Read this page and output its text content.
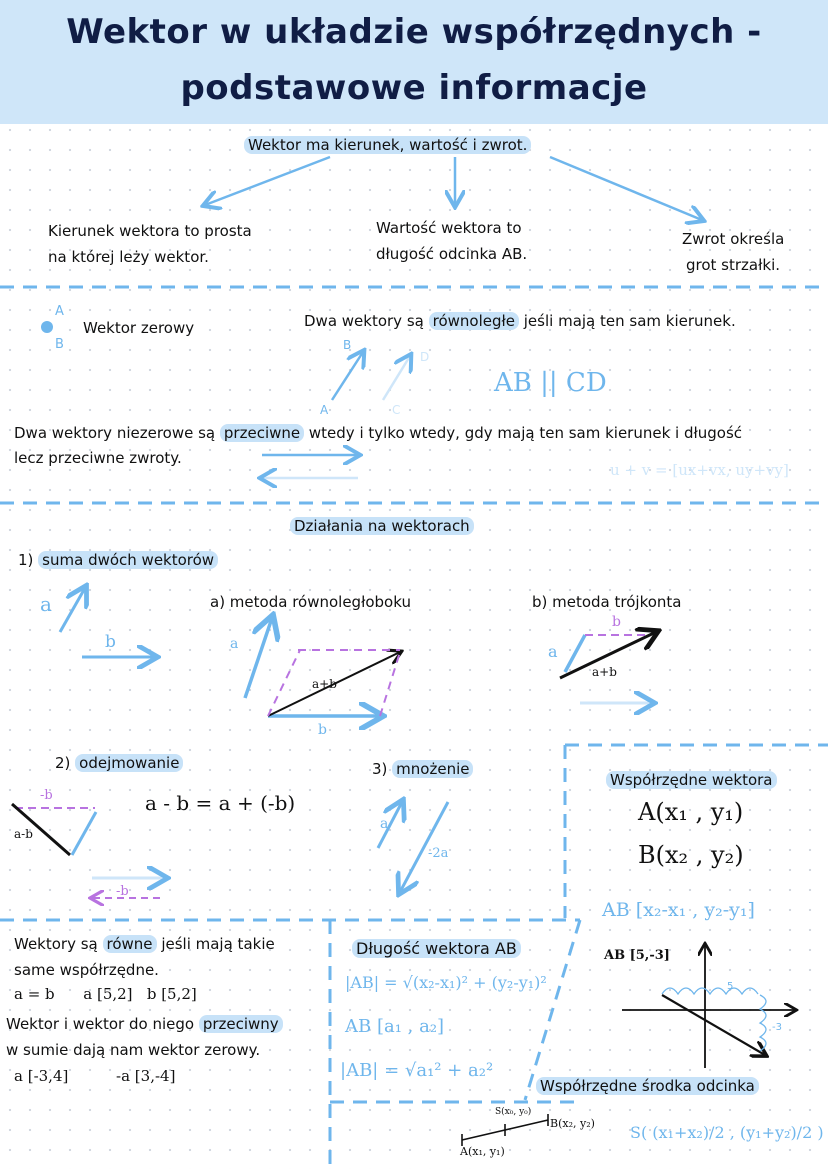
Wektor w układzie współrzędnych -
podstawowe informacje
Wektor ma kierunek, wartość i zwrot.
Kierunek wektora to prosta
na której leży wektor.
Wartość wektora to
długość odcinka AB.
Zwrot określa
grot strzałki.
A
B
Wektor zerowy	Dwa wektory są równoległe jeśli mają ten sam kierunek.
A
B
C
D
AB || CD
Dwa wektory niezerowe są przeciwne wtedy i tylko wtedy, gdy mają ten sam kierunek i długość
lecz przeciwne zwroty.
u + v = [ux+vx, uy+vy]
Działania na wektorach
1) suma dwóch wektorów
a
b
a) metoda równoległoboku
a
b
a+b
b) metoda trójkonta
a
b
a+b
2) odejmowanie
a - b = a + (-b)
-b
a-b
-b
3) mnożenie
a
-2a
Współrzędne wektora
A(x₁ , y₁)
B(x₂ , y₂)
AB [x₂-x₁ , y₂-y₁]
AB [5,-3]
5
-3
Wektory są równe jeśli mają takie
same współrzędne.
a = b      a [5,2]   b [5,2]
Wektor i wektor do niego przeciwny
w sumie dają nam wektor zerowy.
a [-3,4]          -a [3,-4]
Długość wektora AB
|AB| = √(x₂-x₁)² + (y₂-y₁)²
AB [a₁ , a₂]
|AB| = √a₁² + a₂²
Współrzędne środka odcinka
A(x₁, y₁)
B(x₂, y₂)
S(x₀, y₀)
S( (x₁+x₂)/2 , (y₁+y₂)/2 )
